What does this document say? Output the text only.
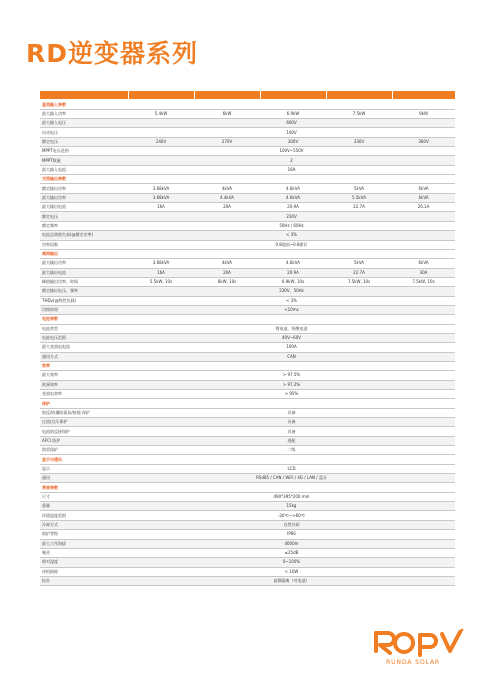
RD逆变器系列

直流输入参数					
最大输入功率	5.4kW	6kW	6.9kW	7.5kW	9kW
最大输入电压	600V				
启动电压	100V				
额定电压	240V	270V	300V	330V	360V
MPPT电压范围	100V~550V				
MPPT数量	2				
最大输入电流	16A				
交流输出参数					
额定输出功率	3.68kVA	4kVA	4.6kVA	5kVA	6kVA
最大输出功率	3.68kVA	4.4kVA	4.6kVA	5.5kVA	6kVA
最大输出电流	16A	20A	20.9A	22.7A	26.1A
额定电压	230V				
额定频率	50Hz / 60Hz				
电流总谐波失真(@额定功率)	< 3%				
功率因数	0.8超前~0.8滞后				
离网输出					
最大输出功率	3.68kVA	4kVA	4.6kVA	5kVA	6kVA
最大输出电流	16A	20A	20.9A	22.7A	30A
峰值输出功率，时间	5.5kW, 10s	6kW, 10s	6.9kW, 10s	7.5kW, 10s	7.5kW, 10s
额定输出电压，频率	230V，50Hz				
THDv(@线性负载)	< 3%				
切换时间	<10ms				
电池参数					
电池类型	锂电池，铅酸电池				
电池电压范围	40V~60V				
最大充放电电流	100A				
通讯方式	CAN				
效率					
最大效率	> 97.5%				
欧洲效率	> 97.2%				
充放电效率	> 95%				
保护					
防反/防爆防孤岛/接地 保护	具备				
过流/过压保护	具备				
电池防反接保护	具备				
AFCI 防护	选配				
防雷保护	二级				
显示与通讯					
显示	LCD				
通讯	RS485 / CAN / WiFi / 4G / LAN / 蓝牙				
常规参数					
尺寸	490*395*200 mm				
重量	15kg				
环境温度范围	-30℃~+60℃				
冷却方式	自然冷却				
防护等级	IP66				
最大工作海拔	4000m				
噪音	≤25dB				
相对湿度	0~100%				
待机损耗	< 10W				
拓扑	高频隔离（对电池）				
RUNDA SOLAR
